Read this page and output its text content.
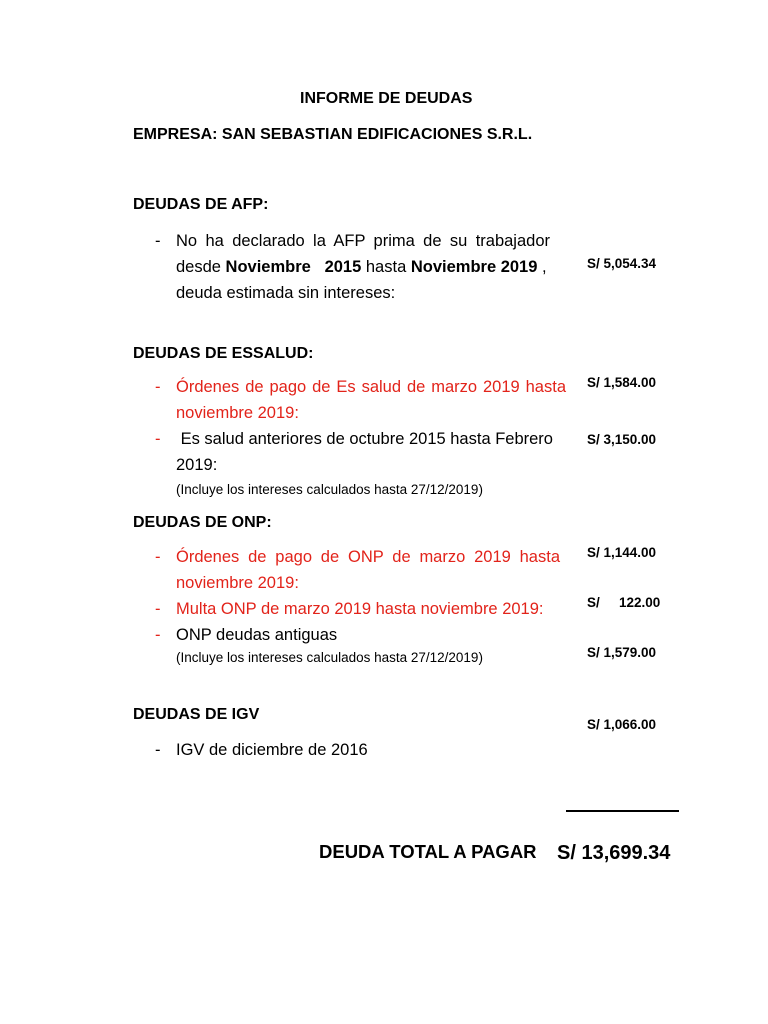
INFORME DE DEUDAS
EMPRESA: SAN SEBASTIAN EDIFICACIONES S.R.L.
DEUDAS DE AFP:
- No ha declarado la AFP prima de su trabajador
desde Noviembre   2015 hasta Noviembre 2019 ,
deuda estimada sin intereses:
S/ 5,054.34
DEUDAS DE ESSALUD:
- Órdenes de pago de Es salud de marzo 2019 hasta
noviembre 2019:
S/ 1,584.00
- Es salud anteriores de octubre 2015 hasta Febrero
2019:
S/ 3,150.00
(Incluye los intereses calculados hasta 27/12/2019)
DEUDAS DE ONP:
- Órdenes de pago de ONP de marzo 2019 hasta
noviembre 2019:
S/ 1,144.00
- Multa ONP de marzo 2019 hasta noviembre 2019:	S/ 122.00
- ONP deudas antiguas
(Incluye los intereses calculados hasta 27/12/2019)	S/ 1,579.00
DEUDAS DE IGV
S/ 1,066.00
- IGV de diciembre de 2016
DEUDA TOTAL A PAGAR S/ 13,699.34
